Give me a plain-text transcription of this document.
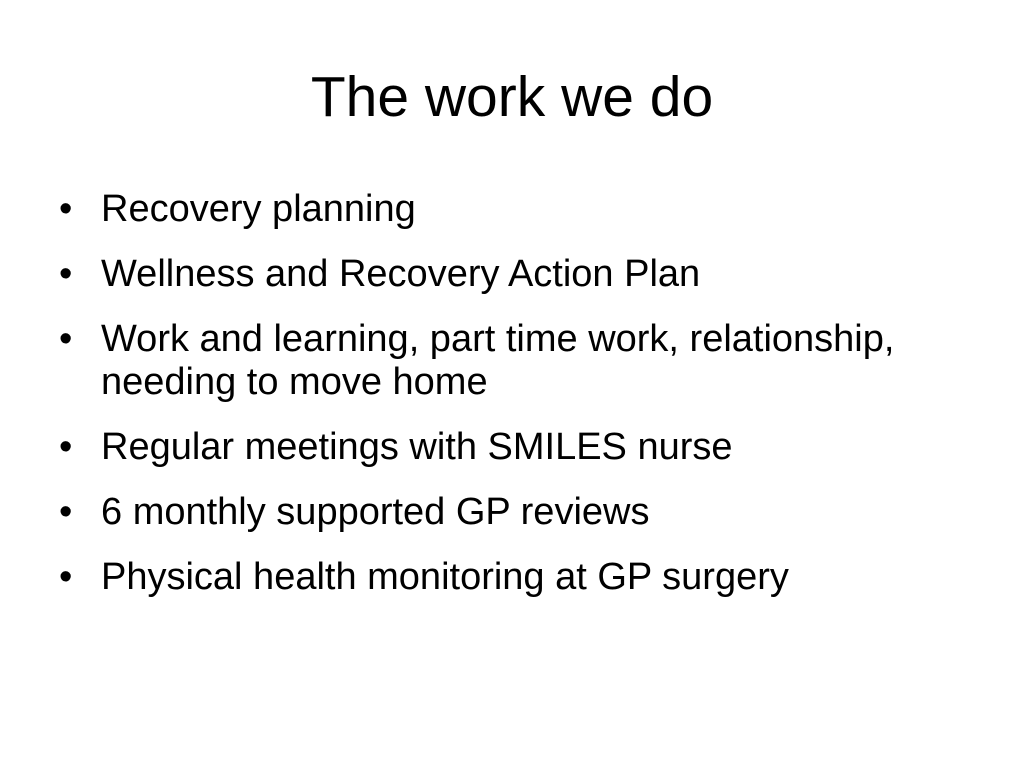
The work we do
• Recovery planning
• Wellness and Recovery Action Plan
• Work and learning, part time work, relationship, needing to move home
• Regular meetings with SMILES nurse
• 6 monthly supported GP reviews
• Physical health monitoring at GP surgery
